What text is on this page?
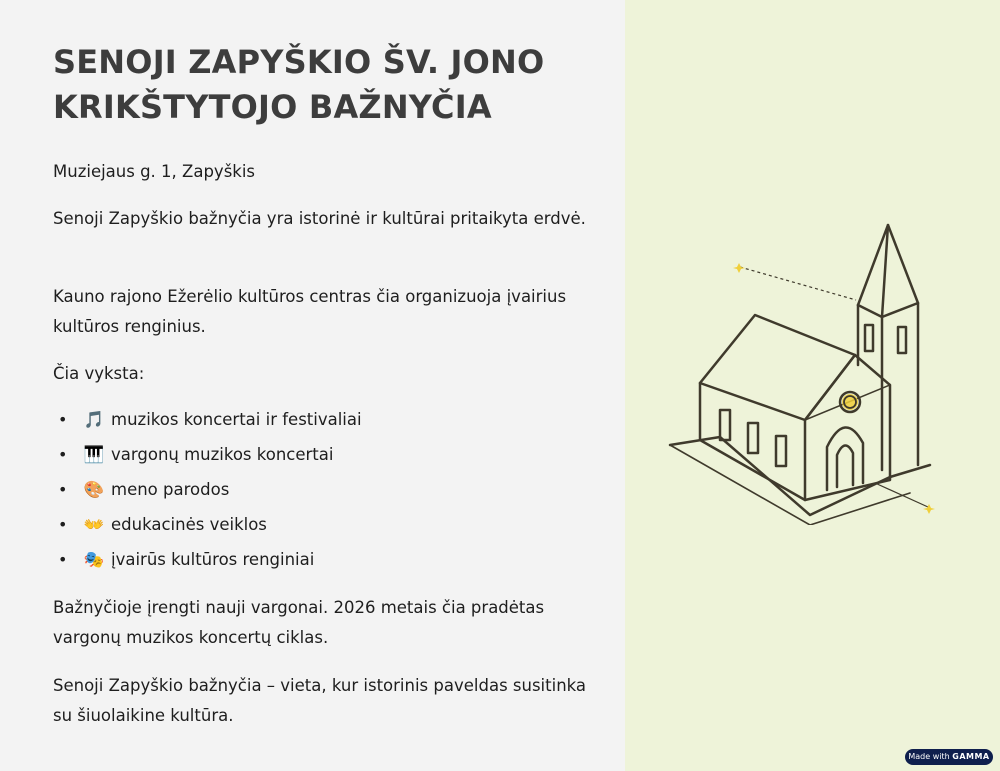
SENOJI ZAPYŠKIO ŠV. JONO KRIKŠTYTOJO BAŽNYČIA

Muziejaus g. 1, Zapyškis

Senoji Zapyškio bažnyčia yra istorinė ir kultūrai pritaikyta erdvė.

Kauno rajono Ežerėlio kultūros centras čia organizuoja įvairius kultūros renginius.

Čia vyksta:

• 🎵 muzikos koncertai ir festivaliai
• 🎹 vargonų muzikos koncertai
• 🎨 meno parodos
• 👐 edukacinės veiklos
• 🎭 įvairūs kultūros renginiai

Bažnyčioje įrengti nauji vargonai. 2026 metais čia pradėtas vargonų muzikos koncertų ciklas.

Senoji Zapyškio bažnyčia – vieta, kur istorinis paveldas susitinka su šiuolaikine kultūra.

Made with GAMMA
